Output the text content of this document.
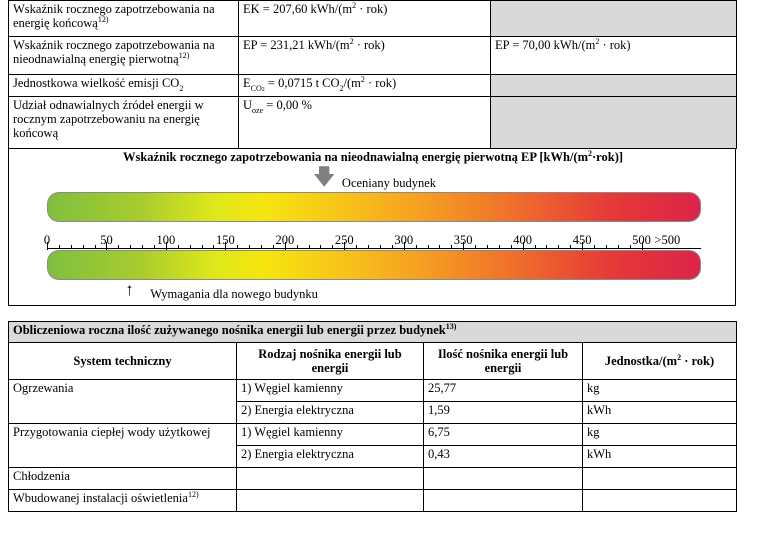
Wskaźnik rocznego zapotrzebowania na energię końcową$^{12)}$	EK = 207,60 kWh/$(m^2 \cdot rok)$	
Wskaźnik rocznego zapotrzebowania na nieodnawialną energię pierwotną$^{12)}$	EP = 231,21 kWh/$(m^2 \cdot rok)$	EP = 70,00 kWh/$(m^2 \cdot rok)$
Jednostkowa wielkość emisji $CO_2$	$E_{CO2} = 0,0715$ t $CO_2/(m^2 \cdot rok)$	
Udział odnawialnych źródeł energii w rocznym zapotrzebowaniu na energię końcową	$U_{oze} = 0,00$ %	
Wskaźnik rocznego zapotrzebowania na nieodnawialną energię pierwotną EP $[kWh/(m^2\cdot rok)]$
🡇 Oceniany budynek
0	50	100	150	200	250	300	350	400	450	500 >500
↑ Wymagania dla nowego budynku
Obliczeniowa roczna ilość zużywanego nośnika energii lub energii przez budynek$^{13)}$
System techniczny	Rodzaj nośnika energii lub energii	Ilość nośnika energii lub energii	Jednostka/$(m^2 \cdot rok)$
Ogrzewania	1) Węgiel kamienny	25,77	kg
	2) Energia elektryczna	1,59	kWh
Przygotowania ciepłej wody użytkowej	1) Węgiel kamienny	6,75	kg
	2) Energia elektryczna	0,43	kWh
Chłodzenia			
Wbudowanej instalacji oświetlenia$^{12)}$			
